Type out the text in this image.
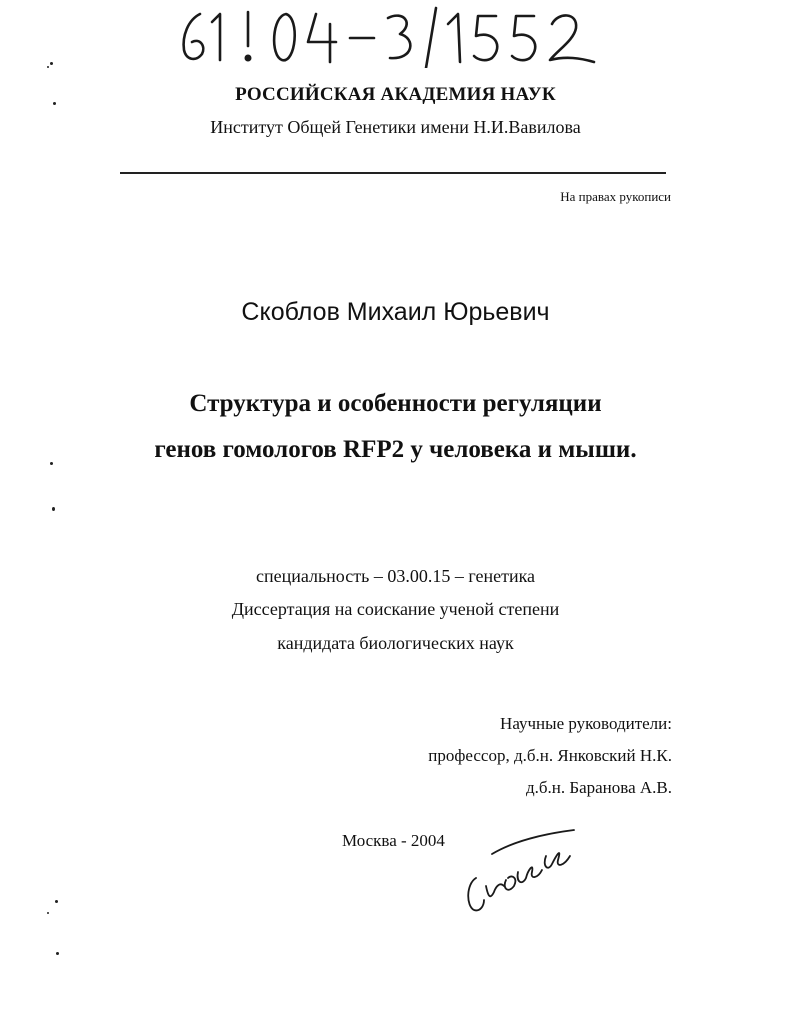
РОССИЙСКАЯ АКАДЕМИЯ НАУК
Институт Общей Генетики имени Н.И.Вавилова
На правах рукописи
Скоблов Михаил Юрьевич
Структура и особенности регуляции
генов гомологов RFP2 у человека и мыши.
специальность – 03.00.15 – генетика
Диссертация на соискание ученой степени
кандидата биологических наук
Научные руководители:
профессор, д.б.н. Янковский Н.К.
д.б.н. Баранова А.В.
Москва - 2004
